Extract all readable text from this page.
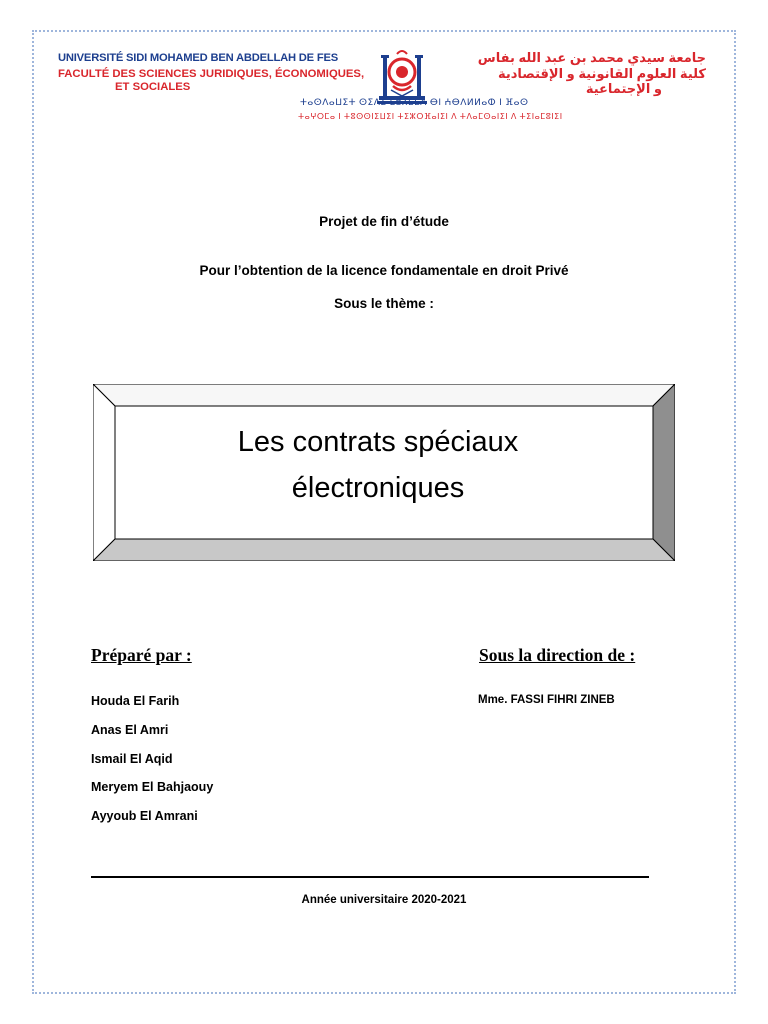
UNIVERSITÉ SIDI MOHAMED BEN ABDELLAH DE FES
FACULTÉ DES SCIENCES JURIDIQUES, ÉCONOMIQUES,
ET SOCIALES
جامعة سيدي محمد بن عبد الله بفاس
كلية العلوم القانونية و الإقتصادية
و الإجتماعية
ⵜⴰⵙⴷⴰⵡⵉⵜ ⵙⵉⴷⵉ ⵎⵓⵃⵎⵎⴷ ⴱⵏ ⵄⴱⴷⵍⵍⴰⵀ ⵏ ⴼⴰⵙ
ⵜⴰⵖⵔⵎⴰ ⵏ ⵜⵓⵙⵙⵏⵉⵡⵉⵏ ⵜⵉⵣⵔⴼⴰⵏⵉⵏ ⴷ ⵜⴷⴰⵎⵙⴰⵏⵉⵏ ⴷ ⵜⵉⵏⴰⵎⵓⵏⵉⵏ
Projet de fin d’étude
Pour l’obtention de la licence fondamentale en droit Privé
Sous le thème :
Les contrats spéciaux
électroniques
Préparé par :
Houda El Farih
Anas El Amri
Ismail El Aqid
Meryem El Bahjaouy
Ayyoub El Amrani
Sous la direction de :
Mme. FASSI FIHRI ZINEB
Année universitaire 2020-2021
